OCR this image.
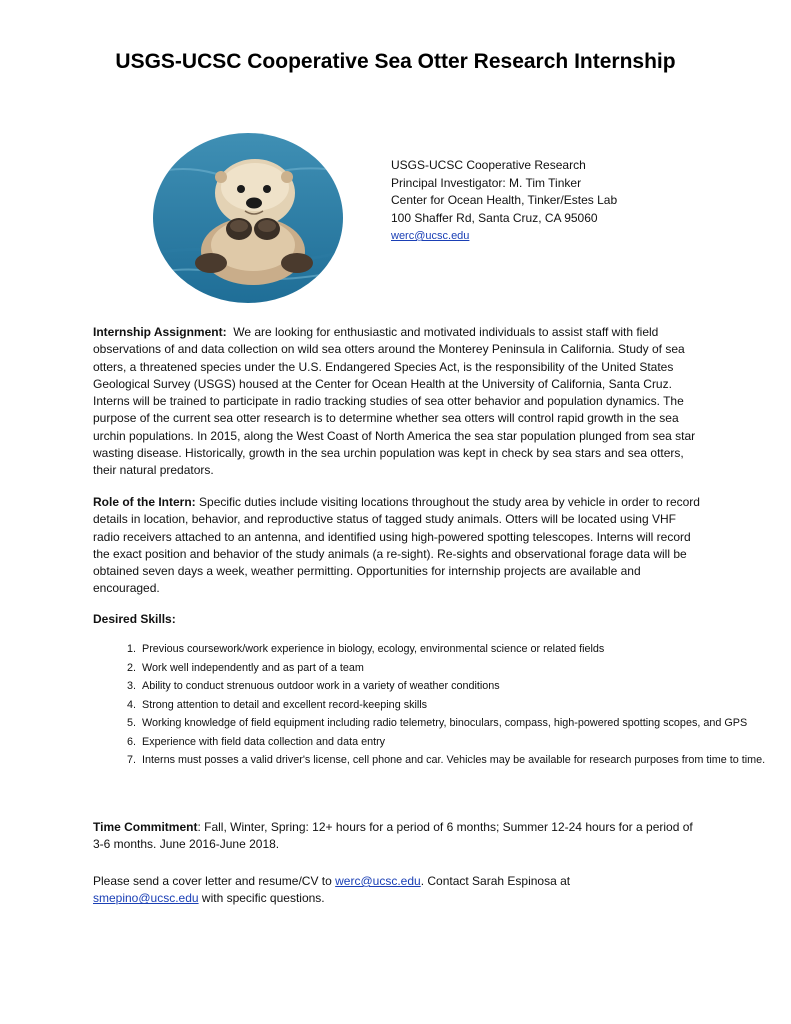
USGS-UCSC Cooperative Sea Otter Research Internship
USGS-UCSC Cooperative Research
Principal Investigator: M. Tim Tinker
Center for Ocean Health, Tinker/Estes Lab
100 Shaffer Rd, Santa Cruz, CA 95060
werc@ucsc.edu
Internship Assignment: We are looking for enthusiastic and motivated individuals to assist staff with field observations of and data collection on wild sea otters around the Monterey Peninsula in California. Study of sea otters, a threatened species under the U.S. Endangered Species Act, is the responsibility of the United States Geological Survey (USGS) housed at the Center for Ocean Health at the University of California, Santa Cruz. Interns will be trained to participate in radio tracking studies of sea otter behavior and population dynamics. The purpose of the current sea otter research is to determine whether sea otters will control rapid growth in the sea urchin populations. In 2015, along the West Coast of North America the sea star population plunged from sea star wasting disease. Historically, growth in the sea urchin population was kept in check by sea stars and sea otters, their natural predators.
Role of the Intern: Specific duties include visiting locations throughout the study area by vehicle in order to record details in location, behavior, and reproductive status of tagged study animals. Otters will be located using VHF radio receivers attached to an antenna, and identified using high-powered spotting telescopes. Interns will record the exact position and behavior of the study animals (a re-sight). Re-sights and observational forage data will be obtained seven days a week, weather permitting. Opportunities for internship projects are available and encouraged.
Desired Skills:
1. Previous coursework/work experience in biology, ecology, environmental science or related fields
2. Work well independently and as part of a team
3. Ability to conduct strenuous outdoor work in a variety of weather conditions
4. Strong attention to detail and excellent record-keeping skills
5. Working knowledge of field equipment including radio telemetry, binoculars, compass, high-powered spotting scopes, and GPS
6. Experience with field data collection and data entry
7. Interns must posses a valid driver's license, cell phone and car. Vehicles may be available for research purposes from time to time.
Time Commitment: Fall, Winter, Spring: 12+ hours for a period of 6 months; Summer 12-24 hours for a period of 3-6 months. June 2016-June 2018.
Please send a cover letter and resume/CV to werc@ucsc.edu. Contact Sarah Espinosa at
smepino@ucsc.edu with specific questions.
